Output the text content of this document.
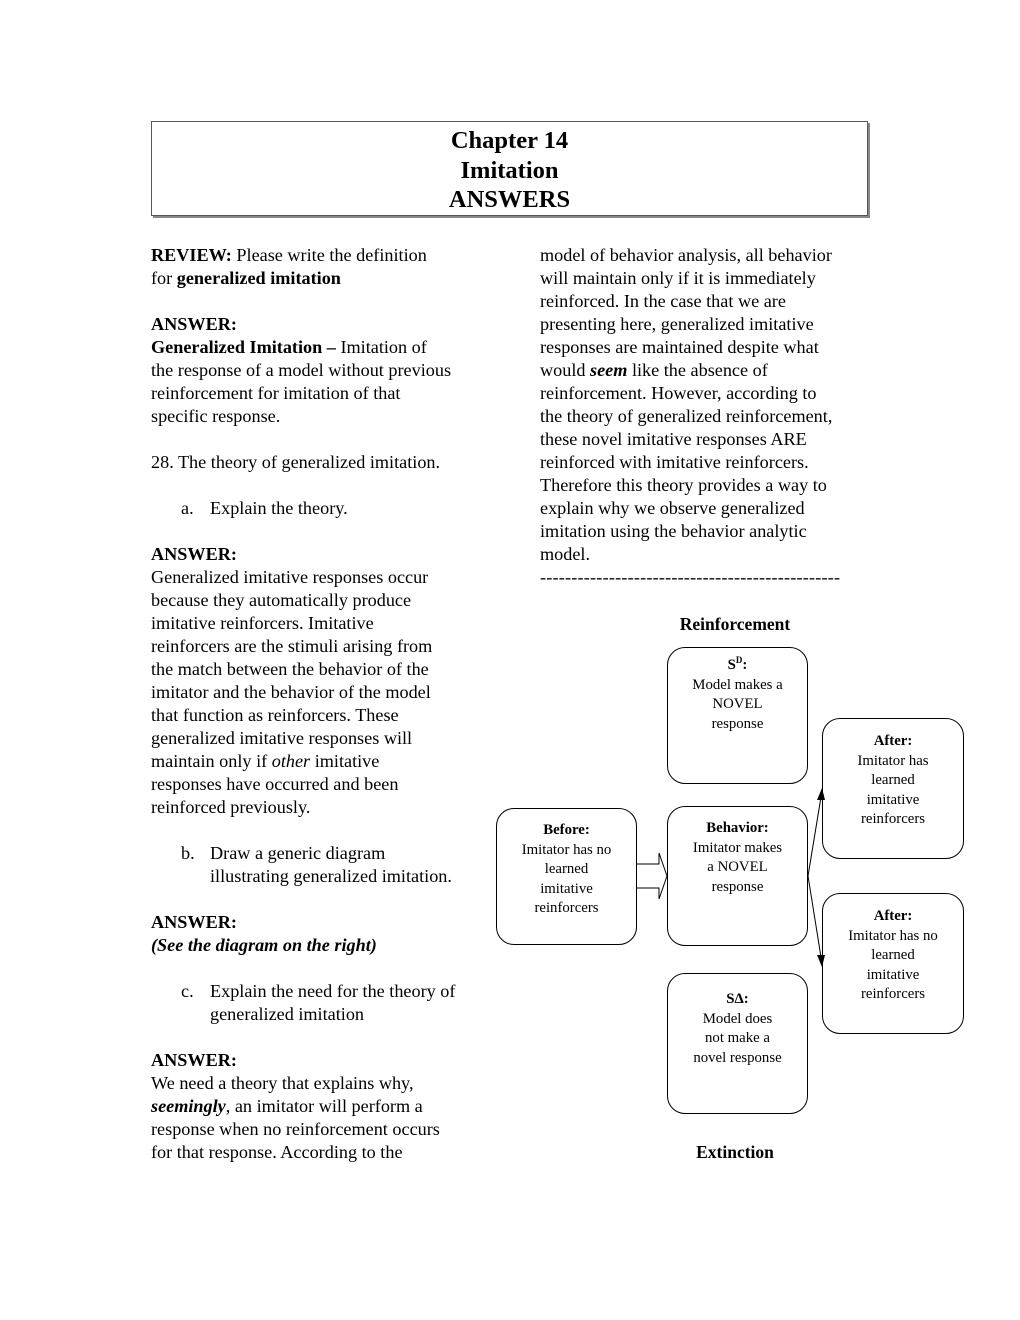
Chapter 14
Imitation
ANSWERS

REVIEW: Please write the definition

for generalized imitation

ANSWER:

Generalized Imitation – Imitation of

the response of a model without previous

reinforcement for imitation of that

specific response.

28. The theory of generalized imitation.

a. Explain the theory.

ANSWER:

Generalized imitative responses occur

because they automatically produce

imitative reinforcers. Imitative

reinforcers are the stimuli arising from

the match between the behavior of the

imitator and the behavior of the model

that function as reinforcers. These

generalized imitative responses will

maintain only if other imitative

responses have occurred and been

reinforced previously.

b. Draw a generic diagram

illustrating generalized imitation.

ANSWER:

(See the diagram on the right)

c. Explain the need for the theory of

generalized imitation

ANSWER:

We need a theory that explains why,

seemingly, an imitator will perform a

response when no reinforcement occurs

for that response. According to the

model of behavior analysis, all behavior

will maintain only if it is immediately

reinforced. In the case that we are

presenting here, generalized imitative

responses are maintained despite what

would seem like the absence of

reinforcement. However, according to

the theory of generalized reinforcement,

these novel imitative responses ARE

reinforced with imitative reinforcers.

Therefore this theory provides a way to

explain why we observe generalized

imitation using the behavior analytic

model.

------------------------------------------------

Reinforcement
$S^D$:
Model makes a
NOVEL
response
Before:
Imitator has no
learned
imitative
reinforcers
Behavior:
Imitator makes
a NOVEL
response
After:
Imitator has
learned
imitative
reinforcers
After:
Imitator has no
learned
imitative
reinforcers
SΔ:
Model does
not make a
novel response
Extinction
